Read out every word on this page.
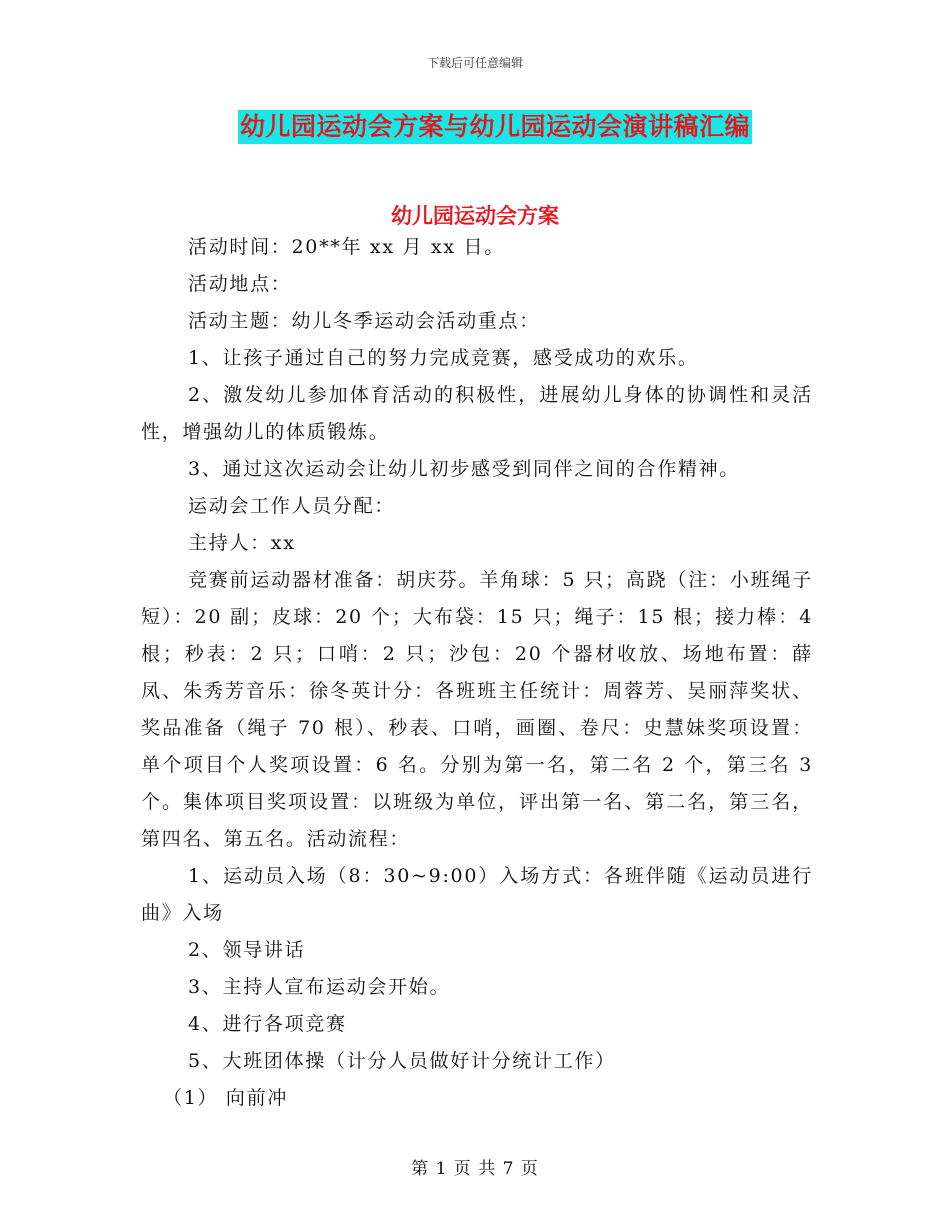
下载后可任意编辑
幼儿园运动会方案与幼儿园运动会演讲稿汇编
幼儿园运动会方案

活动时间：20**年 xx 月 xx 日。

活动地点：

活动主题：幼儿冬季运动会活动重点：

1、让孩子通过自己的努力完成竞赛，感受成功的欢乐。

2、激发幼儿参加体育活动的积极性，进展幼儿身体的协调性和灵活性，增强幼儿的体质锻炼。

3、通过这次运动会让幼儿初步感受到同伴之间的合作精神。

运动会工作人员分配：

主持人：xx

竞赛前运动器材准备：胡庆芬。羊角球：5 只；高跷（注：小班绳子短）：20 副；皮球：20 个；大布袋：15 只；绳子：15 根；接力棒：4 根；秒表：2 只；口哨：2 只；沙包：20 个器材收放、场地布置：薛凤、朱秀芳音乐：徐冬英计分：各班班主任统计：周蓉芳、吴丽萍奖状、奖品准备（绳子 70 根）、秒表、口哨，画圈、卷尺：史慧妹奖项设置：单个项目个人奖项设置：6 名。分别为第一名，第二名 2 个，第三名 3 个。集体项目奖项设置：以班级为单位，评出第一名、第二名，第三名，第四名、第五名。活动流程：

1、运动员入场（8：30~9:00）入场方式：各班伴随《运动员进行曲》入场

2、领导讲话

3、主持人宣布运动会开始。

4、进行各项竞赛

5、大班团体操（计分人员做好计分统计工作）

（1） 向前冲

第 1 页 共 7 页
